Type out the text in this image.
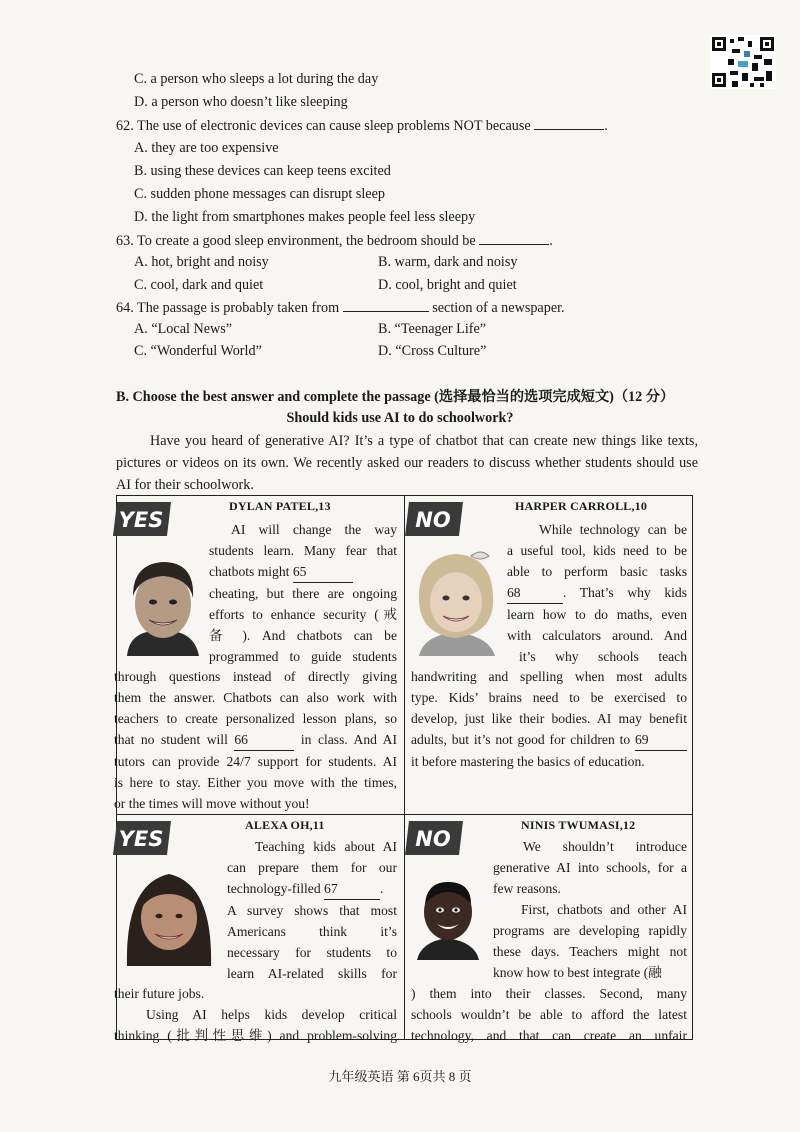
C. a person who sleeps a lot during the day
D. a person who doesn’t like sleeping
62. The use of electronic devices can cause sleep problems NOT because	.
A. they are too expensive
B. using these devices can keep teens excited
C. sudden phone messages can disrupt sleep
D. the light from smartphones makes people feel less sleepy
63. To create a good sleep environment, the bedroom should be	.
A. hot, bright and noisy	B. warm, dark and noisy
C. cool, dark and quiet	D. cool, bright and quiet
64. The passage is probably taken from	section of a newspaper.
A. “Local News”	B. “Teenager Life”
C. “Wonderful World”	D. “Cross Culture”
B. Choose the best answer and complete the passage (选择最恰当的选项完成短文)（12 分）
Should kids use AI to do schoolwork?
Have you heard of generative AI? It’s a type of chatbot that can create new things like texts,
pictures or videos on its own. We recently asked our readers to discuss whether students should use
AI for their schoolwork.
YES
DYLAN PATEL,13

AI will change the way

students learn. Many fear that

chatbots might 65

cheating, but there are ongoing

efforts to enhance security (戒

备 ). And chatbots can be

programmed to guide students

through questions instead of directly giving

them the answer. Chatbots can also work with

teachers to create personalized lesson plans, so

that no student will 66	in class. And AI

tutors can provide 24/7 support for students. AI

is here to stay. Either you move with the times,

or the times will move without you!

NO
HARPER CARROLL,10

While technology can be

a useful tool, kids need to be

able to perform basic tasks

68	. That’s why kids

learn how to do maths, even

with calculators around. And

it’s why schools teach

handwriting and spelling when most adults

type. Kids’ brains need to be exercised to

develop, just like their bodies. AI may benefit

adults, but it’s not good for children to 69

it before mastering the basics of education.

YES
ALEXA OH,11

Teaching kids about AI

can prepare them for our

technology-filled 67	.

A survey shows that most

Americans think it’s

necessary for students to

learn AI-related skills for

their future jobs.

Using AI helps kids develop critical

thinking (批判性思维) and problem-solving

NO
NINIS TWUMASI,12

We shouldn’t introduce

generative AI into schools, for a

few reasons.

First, chatbots and other AI

programs are developing rapidly

these days. Teachers might not

know how to best integrate (融

) them into their classes. Second, many

schools wouldn’t be able to afford the latest

technology, and that can create an unfair

九年级英语 第 6页共 8 页
